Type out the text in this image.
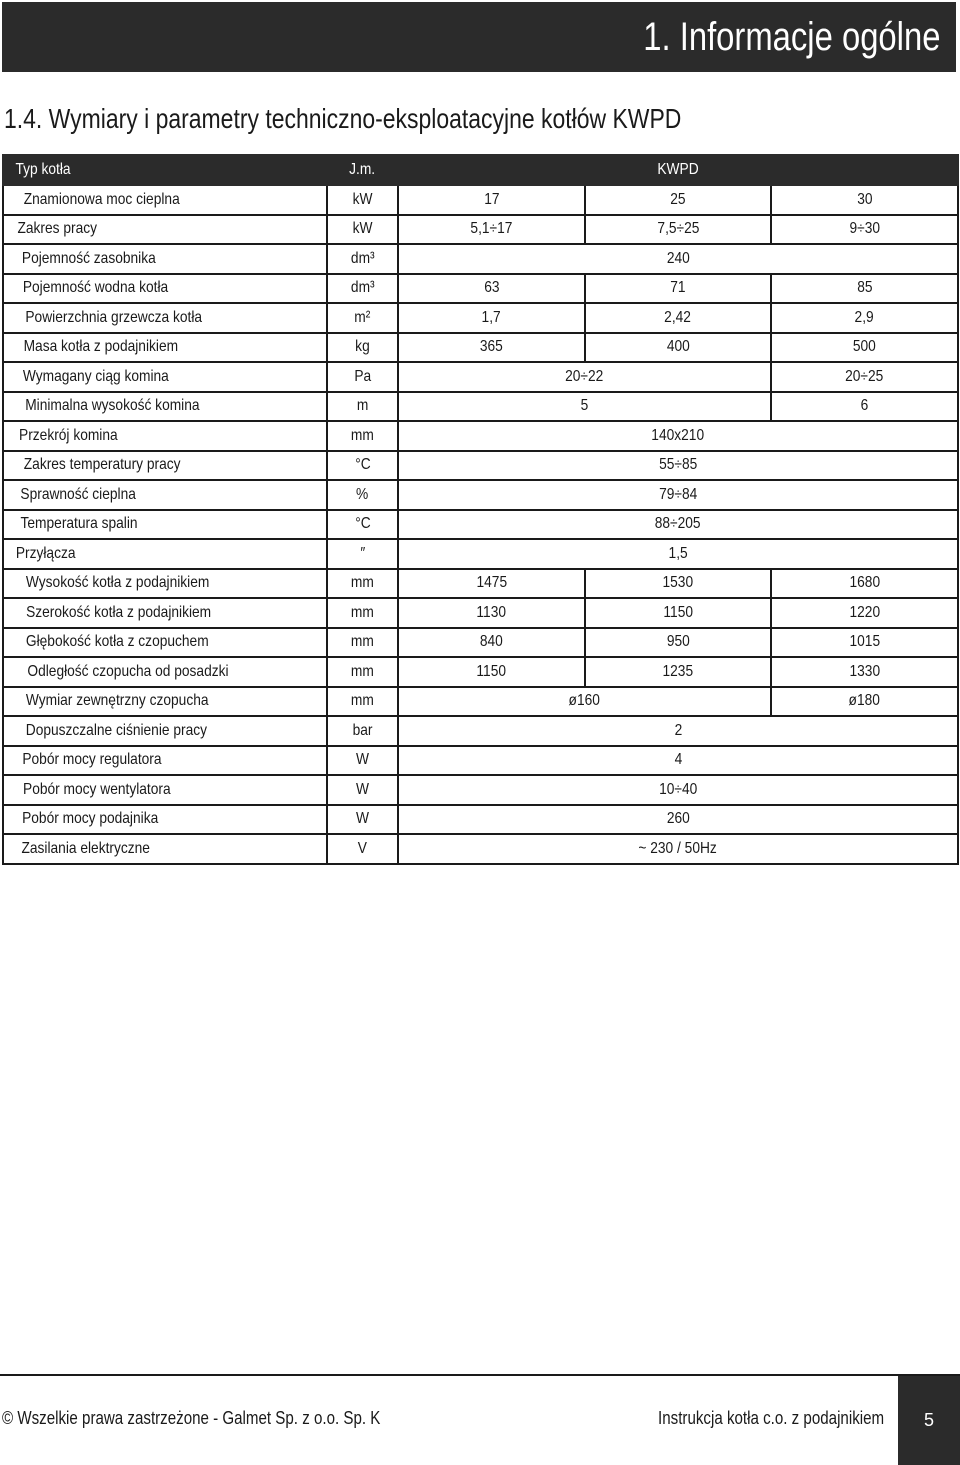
1. Informacje ogólne
1.4. Wymiary i parametry techniczno-eksploatacyjne kotłów KWPD
Typ kotła	J.m.	KWPD		
Znamionowa moc cieplna	kW	17	25	30
Zakres pracy	kW	5,1÷17	7,5÷25	9÷30
Pojemność zasobnika	dm³	240		
Pojemność wodna kotła	dm³	63	71	85
Powierzchnia grzewcza kotła	m²	1,7	2,42	2,9
Masa kotła z podajnikiem	kg	365	400	500
Wymagany ciąg komina	Pa	20÷22		20÷25
Minimalna wysokość komina	m	5		6
Przekrój komina	mm	140x210		
Zakres temperatury pracy	°C	55÷85		
Sprawność cieplna	%	79÷84		
Temperatura spalin	°C	88÷205		
Przyłącza	″	1,5		
Wysokość kotła z podajnikiem	mm	1475	1530	1680
Szerokość kotła z podajnikiem	mm	1130	1150	1220
Głębokość kotła z czopuchem	mm	840	950	1015
Odległość czopucha od posadzki	mm	1150	1235	1330
Wymiar zewnętrzny czopucha	mm	ø160		ø180
Dopuszczalne ciśnienie pracy	bar	2		
Pobór mocy regulatora	W	4		
Pobór mocy wentylatora	W	10÷40		
Pobór mocy podajnika	W	260		
Zasilania elektryczne	V	~ 230 / 50Hz		
© Wszelkie prawa zastrzeżone - Galmet Sp. z o.o. Sp. K	Instrukcja kotła c.o. z podajnikiem 5
